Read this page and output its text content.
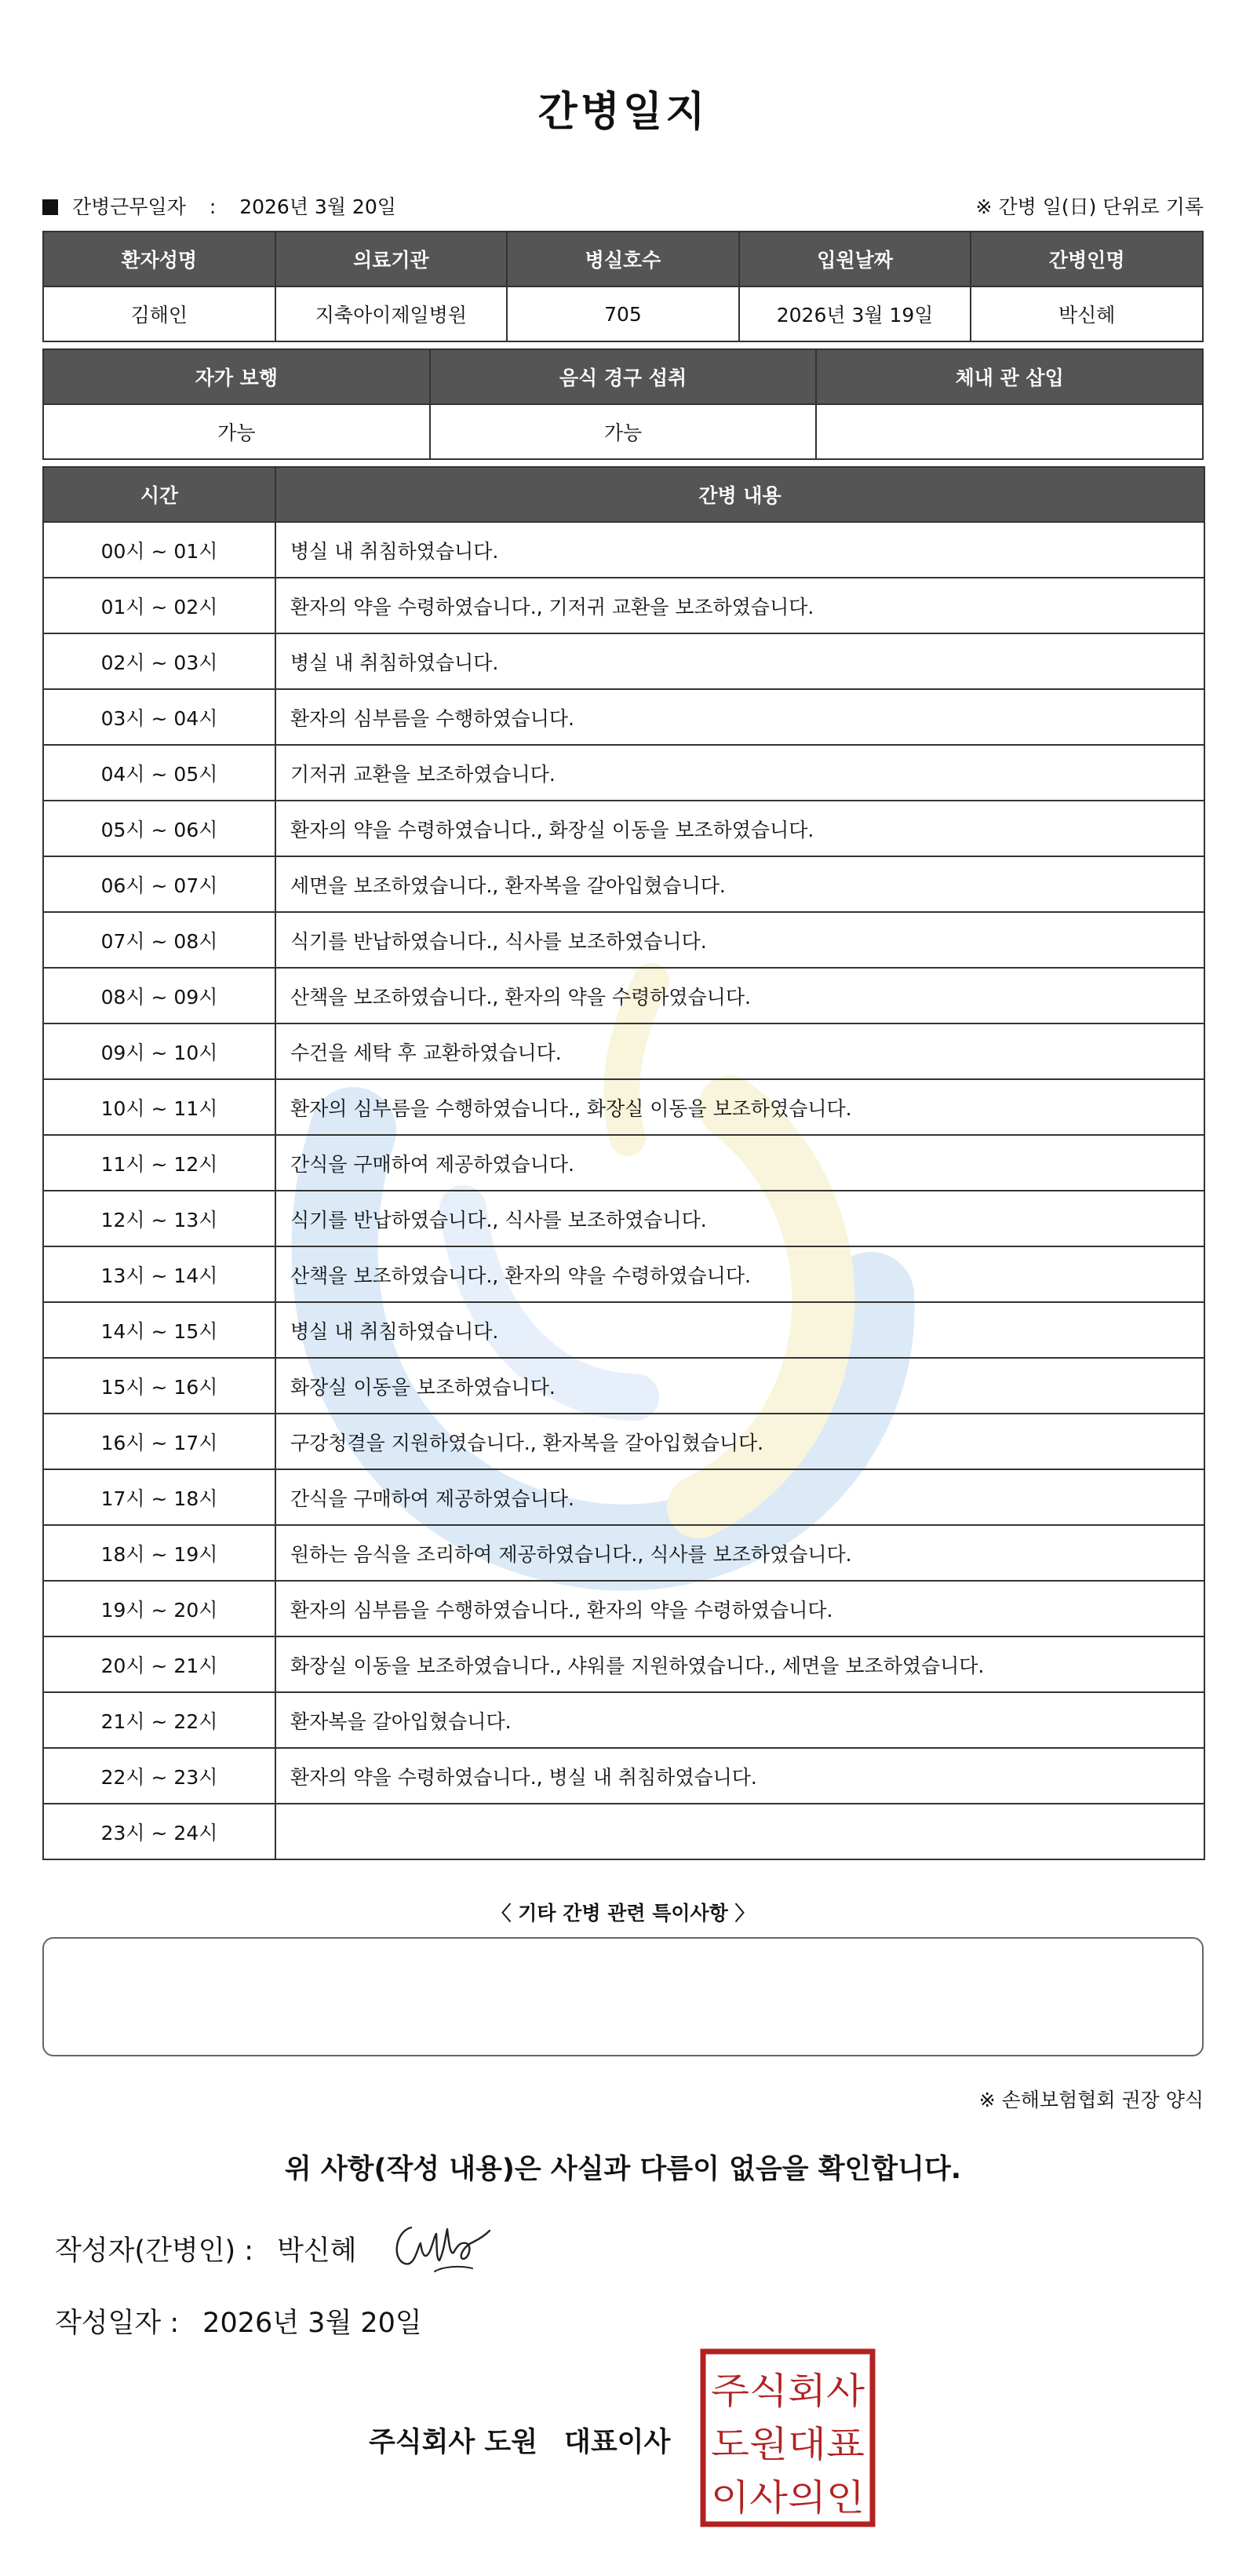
간병일지
간병근무일자 : 2026년 3월 20일	※ 간병 일(日) 단위로 기록
환자성명	의료기관	병실호수	입원날짜	간병인명
김해인	지축아이제일병원	705	2026년 3월 19일	박신혜
자가 보행	음식 경구 섭취	체내 관 삽입
가능	가능	
시간	간병 내용
00시 ~ 01시	병실 내 취침하였습니다.
01시 ~ 02시	환자의 약을 수령하였습니다., 기저귀 교환을 보조하였습니다.
02시 ~ 03시	병실 내 취침하였습니다.
03시 ~ 04시	환자의 심부름을 수행하였습니다.
04시 ~ 05시	기저귀 교환을 보조하였습니다.
05시 ~ 06시	환자의 약을 수령하였습니다., 화장실 이동을 보조하였습니다.
06시 ~ 07시	세면을 보조하였습니다., 환자복을 갈아입혔습니다.
07시 ~ 08시	식기를 반납하였습니다., 식사를 보조하였습니다.
08시 ~ 09시	산책을 보조하였습니다., 환자의 약을 수령하였습니다.
09시 ~ 10시	수건을 세탁 후 교환하였습니다.
10시 ~ 11시	환자의 심부름을 수행하였습니다., 화장실 이동을 보조하였습니다.
11시 ~ 12시	간식을 구매하여 제공하였습니다.
12시 ~ 13시	식기를 반납하였습니다., 식사를 보조하였습니다.
13시 ~ 14시	산책을 보조하였습니다., 환자의 약을 수령하였습니다.
14시 ~ 15시	병실 내 취침하였습니다.
15시 ~ 16시	화장실 이동을 보조하였습니다.
16시 ~ 17시	구강청결을 지원하였습니다., 환자복을 갈아입혔습니다.
17시 ~ 18시	간식을 구매하여 제공하였습니다.
18시 ~ 19시	원하는 음식을 조리하여 제공하였습니다., 식사를 보조하였습니다.
19시 ~ 20시	환자의 심부름을 수행하였습니다., 환자의 약을 수령하였습니다.
20시 ~ 21시	화장실 이동을 보조하였습니다., 샤워를 지원하였습니다., 세면을 보조하였습니다.
21시 ~ 22시	환자복을 갈아입혔습니다.
22시 ~ 23시	환자의 약을 수령하였습니다., 병실 내 취침하였습니다.
23시 ~ 24시	
〈 기타 간병 관련 특이사항 〉
※ 손해보험협회 권장 양식
위 사항(작성 내용)은 사실과 다름이 없음을 확인합니다.
작성자(간병인) : 박신혜
작성일자 : 2026년 3월 20일
주식회사 도원 대표이사
주식회사
도원대표
이사의인
